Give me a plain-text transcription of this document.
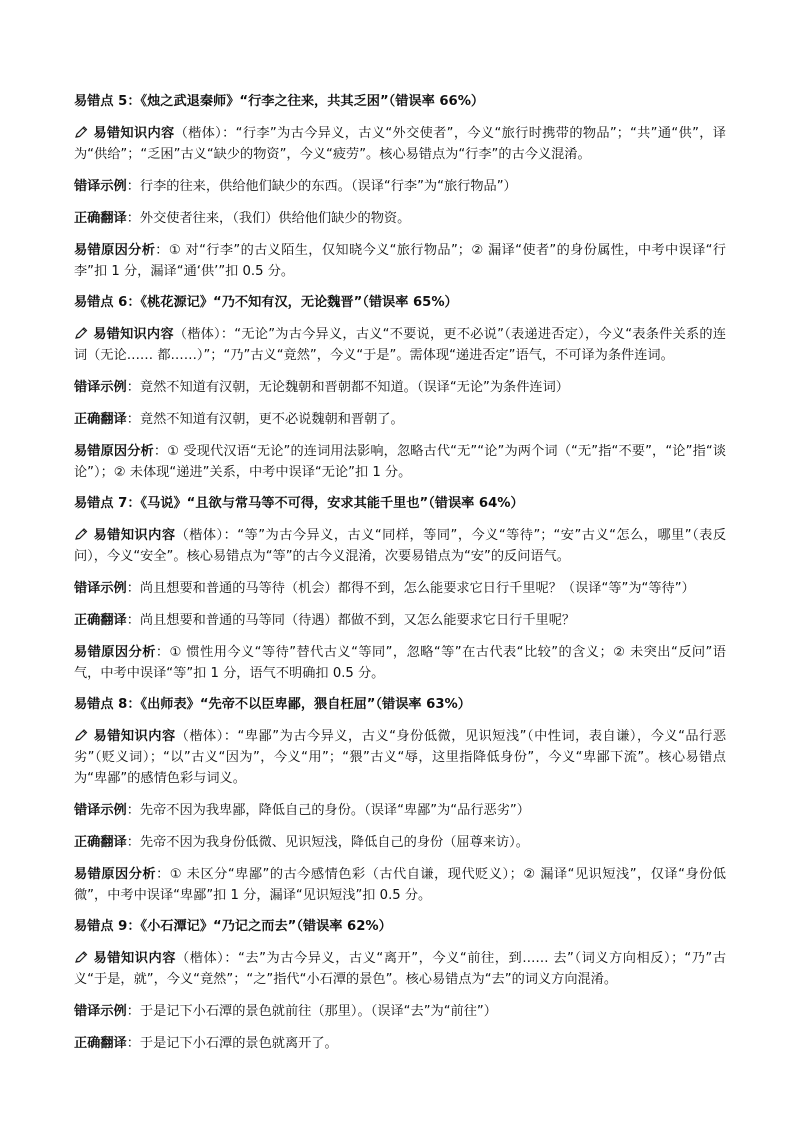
易错点 5：《烛之武退秦师》“行李之往来，共其乏困”（错误率 66%）

易错知识内容（楷体）：“行李”为古今异义，古义“外交使者”，今义“旅行时携带的物品”；“共”通“供”，译为“供给”；“乏困”古义“缺少的物资”，今义“疲劳”。核心易错点为“行李”的古今义混淆。

错译示例：行李的往来，供给他们缺少的东西。（误译“行李”为“旅行物品”）

正确翻译：外交使者往来，（我们）供给他们缺少的物资。

易错原因分析：① 对“行李”的古义陌生，仅知晓今义“旅行物品”；② 漏译“使者”的身份属性，中考中误译“行李”扣 1 分，漏译“通‘供’”扣 0.5 分。

易错点 6：《桃花源记》“乃不知有汉，无论魏晋”（错误率 65%）

易错知识内容（楷体）：“无论”为古今异义，古义“不要说，更不必说”（表递进否定），今义“表条件关系的连词（无论…… 都……）”；“乃”古义“竟然”，今义“于是”。需体现“递进否定”语气，不可译为条件连词。

错译示例：竟然不知道有汉朝，无论魏朝和晋朝都不知道。（误译“无论”为条件连词）

正确翻译：竟然不知道有汉朝，更不必说魏朝和晋朝了。

易错原因分析：① 受现代汉语“无论”的连词用法影响，忽略古代“无”“论”为两个词（“无”指“不要”，“论”指“谈论”）；② 未体现“递进”关系，中考中误译“无论”扣 1 分。

易错点 7：《马说》“且欲与常马等不可得，安求其能千里也”（错误率 64%）

易错知识内容（楷体）：“等”为古今异义，古义“同样，等同”，今义“等待”；“安”古义“怎么，哪里”（表反问），今义“安全”。核心易错点为“等”的古今义混淆，次要易错点为“安”的反问语气。

错译示例：尚且想要和普通的马等待（机会）都得不到，怎么能要求它日行千里呢？（误译“等”为“等待”）

正确翻译：尚且想要和普通的马等同（待遇）都做不到，又怎么能要求它日行千里呢？

易错原因分析：① 惯性用今义“等待”替代古义“等同”，忽略“等”在古代表“比较”的含义；② 未突出“反问”语气，中考中误译“等”扣 1 分，语气不明确扣 0.5 分。

易错点 8：《出师表》“先帝不以臣卑鄙，猥自枉屈”（错误率 63%）

易错知识内容（楷体）：“卑鄙”为古今异义，古义“身份低微，见识短浅”（中性词，表自谦），今义“品行恶劣”（贬义词）；“以”古义“因为”，今义“用”；“猥”古义“辱，这里指降低身份”，今义“卑鄙下流”。核心易错点为“卑鄙”的感情色彩与词义。

错译示例：先帝不因为我卑鄙，降低自己的身份。（误译“卑鄙”为“品行恶劣”）

正确翻译：先帝不因为我身份低微、见识短浅，降低自己的身份（屈尊来访）。

易错原因分析：① 未区分“卑鄙”的古今感情色彩（古代自谦，现代贬义）；② 漏译“见识短浅”，仅译“身份低微”，中考中误译“卑鄙”扣 1 分，漏译“见识短浅”扣 0.5 分。

易错点 9：《小石潭记》“乃记之而去”（错误率 62%）

易错知识内容（楷体）：“去”为古今异义，古义“离开”，今义“前往，到…… 去”（词义方向相反）；“乃”古义“于是，就”，今义“竟然”；“之”指代“小石潭的景色”。核心易错点为“去”的词义方向混淆。

错译示例：于是记下小石潭的景色就前往（那里）。（误译“去”为“前往”）

正确翻译：于是记下小石潭的景色就离开了。
